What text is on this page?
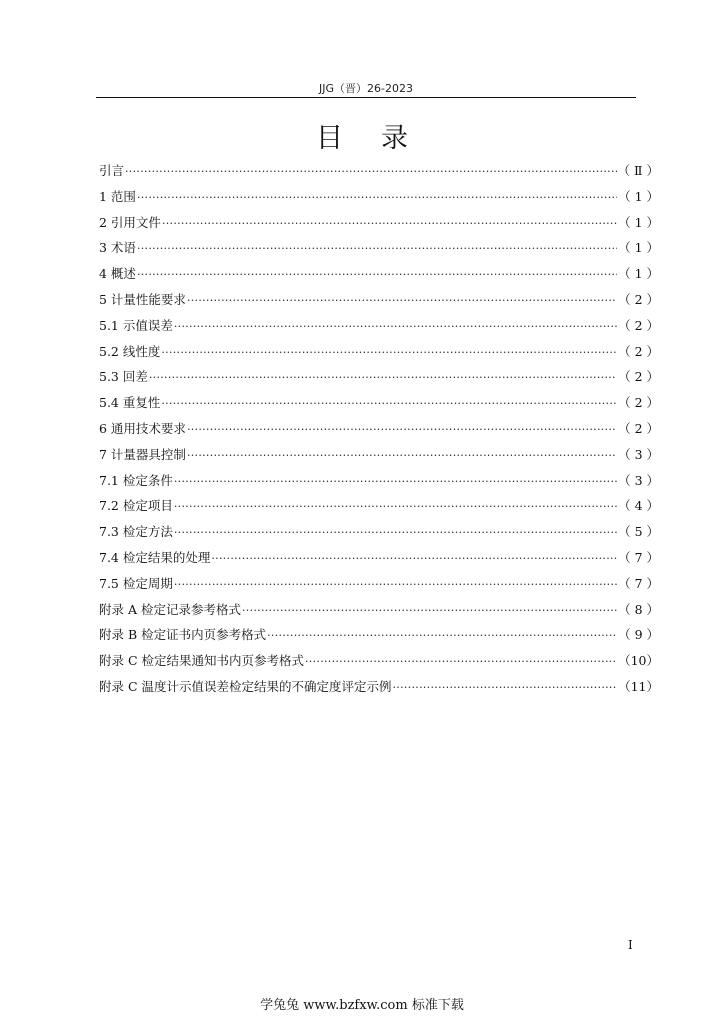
JJG（晋）26-2023
目录
引言 ·····	（ Ⅱ ）
1 范围 ·····	（ 1 ）
2 引用文件 ·····	（ 1 ）
3 术语 ·····	（ 1 ）
4 概述 ·····	（ 1 ）
5 计量性能要求 ·····	（ 2 ）
5.1 示值误差 ·····	（ 2 ）
5.2 线性度 ·····	（ 2 ）
5.3 回差 ·····	（ 2 ）
5.4 重复性 ·····	（ 2 ）
6 通用技术要求 ·····	（ 2 ）
7 计量器具控制 ·····	（ 3 ）
7.1 检定条件 ·····	（ 3 ）
7.2 检定项目 ·····	（ 4 ）
7.3 检定方法 ·····	（ 5 ）
7.4 检定结果的处理 ·····	（ 7 ）
7.5 检定周期 ·····	（ 7 ）
附录 A 检定记录参考格式 ·····	（ 8 ）
附录 B 检定证书内页参考格式 ·····	（ 9 ）
附录 C 检定结果通知书内页参考格式 ·····	（10）
附录 C 温度计示值误差检定结果的不确定度评定示例 ·····	（11）
I
学兔兔 www.bzfxw.com 标准下载
